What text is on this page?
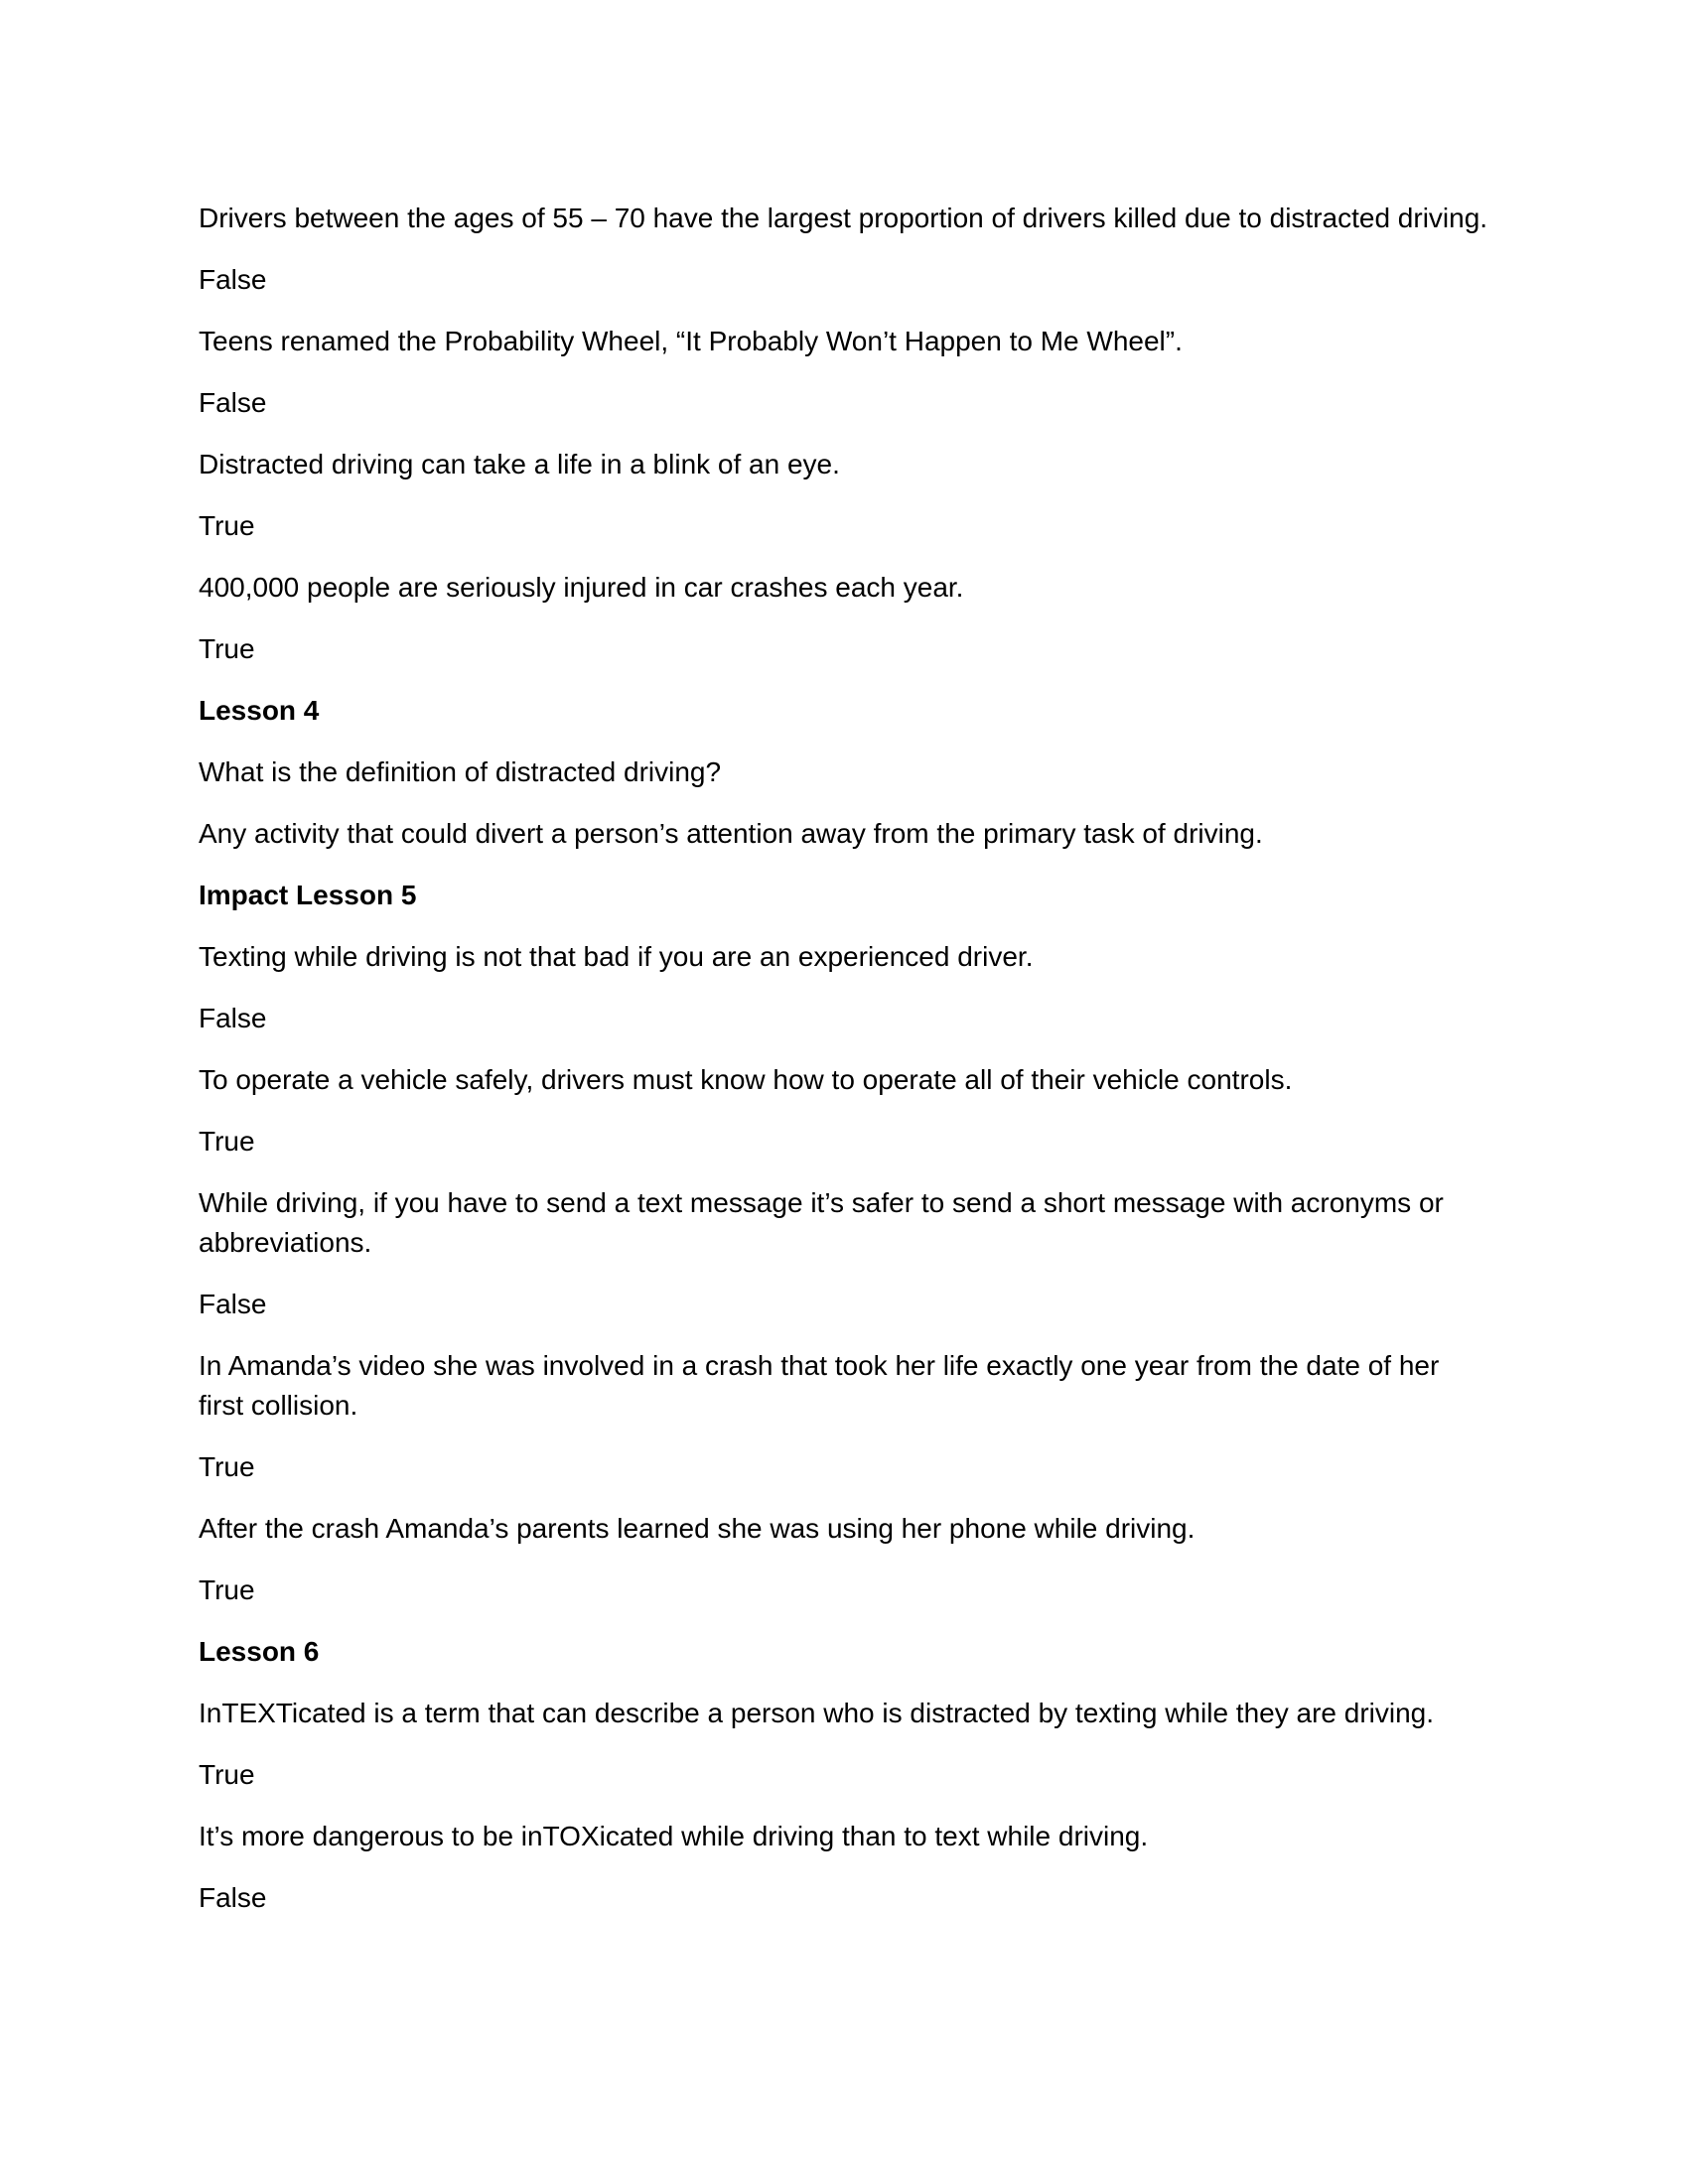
Drivers between the ages of 55 – 70 have the largest proportion of drivers killed due to distracted driving.

False

Teens renamed the Probability Wheel, “It Probably Won’t Happen to Me Wheel”.

False

Distracted driving can take a life in a blink of an eye.

True

400,000 people are seriously injured in car crashes each year.

True

Lesson 4

What is the definition of distracted driving?

Any activity that could divert a person’s attention away from the primary task of driving.

Impact Lesson 5

Texting while driving is not that bad if you are an experienced driver.

False

To operate a vehicle safely, drivers must know how to operate all of their vehicle controls.

True

While driving, if you have to send a text message it’s safer to send a short message with acronyms or abbreviations.

False

In Amanda’s video she was involved in a crash that took her life exactly one year from the date of her first collision.

True

After the crash Amanda’s parents learned she was using her phone while driving.

True

Lesson 6

InTEXTicated is a term that can describe a person who is distracted by texting while they are driving.

True

It’s more dangerous to be inTOXicated while driving than to text while driving.

False
